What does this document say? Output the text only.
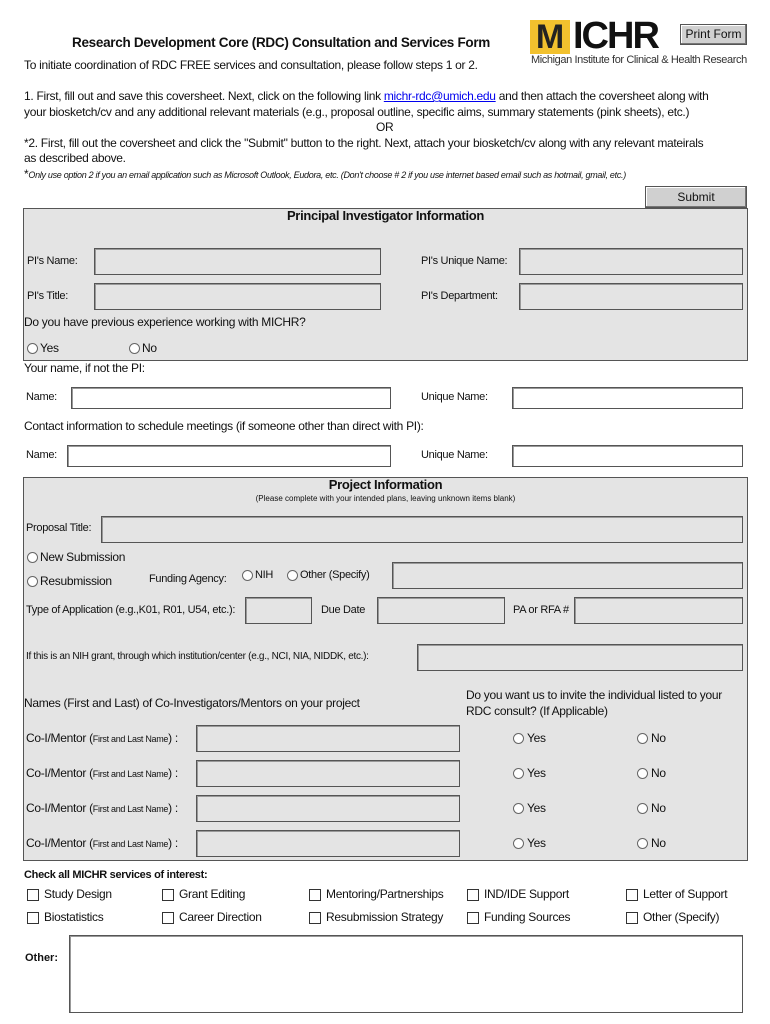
Research Development Core (RDC) Consultation and Services Form M ICHR
Michigan Institute for Clinical & Health Research
Print Form
To initiate coordination of RDC FREE services and consultation, please follow steps 1 or 2.
1. First, fill out and save this coversheet. Next, click on the following link michr-rdc@umich.edu and then attach the coversheet along with
your biosketch/cv and any additional relevant materials (e.g., proposal outline, specific aims, summary statements (pink sheets), etc.)
OR
*2. First, fill out the coversheet and click the "Submit" button to the right. Next, attach your biosketch/cv along with any relevant mateirals
as described above.
*Only use option 2 if you an email application such as Microsoft Outlook, Eudora, etc. (Don't choose # 2 if you use internet based email such as hotmail, gmail, etc.)
Submit
Principal Investigator Information
PI's Name:	PI's Unique Name:
PI's Title:	PI's Department:
Do you have previous experience working with MICHR?
Yes	No
Your name, if not the PI:
Name:	Unique Name:
Contact information to schedule meetings (if someone other than direct with PI):
Name:	Unique Name:
Project Information
(Please complete with your intended plans, leaving unknown items blank)
Proposal Title:
New Submission
Resubmission	Funding Agency:	NIH Other (Specify)
Type of Application (e.g.,K01, R01, U54, etc.):	Due Date	PA or RFA #
If this is an NIH grant, through which institution/center (e.g., NCI, NIA, NIDDK, etc.):
Names (First and Last) of Co-Investigators/Mentors on your project
Do you want us to invite the individual listed to your
RDC consult? (If Applicable)
Co-I/Mentor (First and Last Name) :	Yes	No
Co-I/Mentor (First and Last Name) :	Yes	No
Co-I/Mentor (First and Last Name) :	Yes	No
Co-I/Mentor (First and Last Name) :	Yes	No
Check all MICHR services of interest:
Study Design	Grant Editing	Mentoring/Partnerships	IND/IDE Support	Letter of Support
Biostatistics	Career Direction	Resubmission Strategy	Funding Sources	Other (Specify)
Other:
